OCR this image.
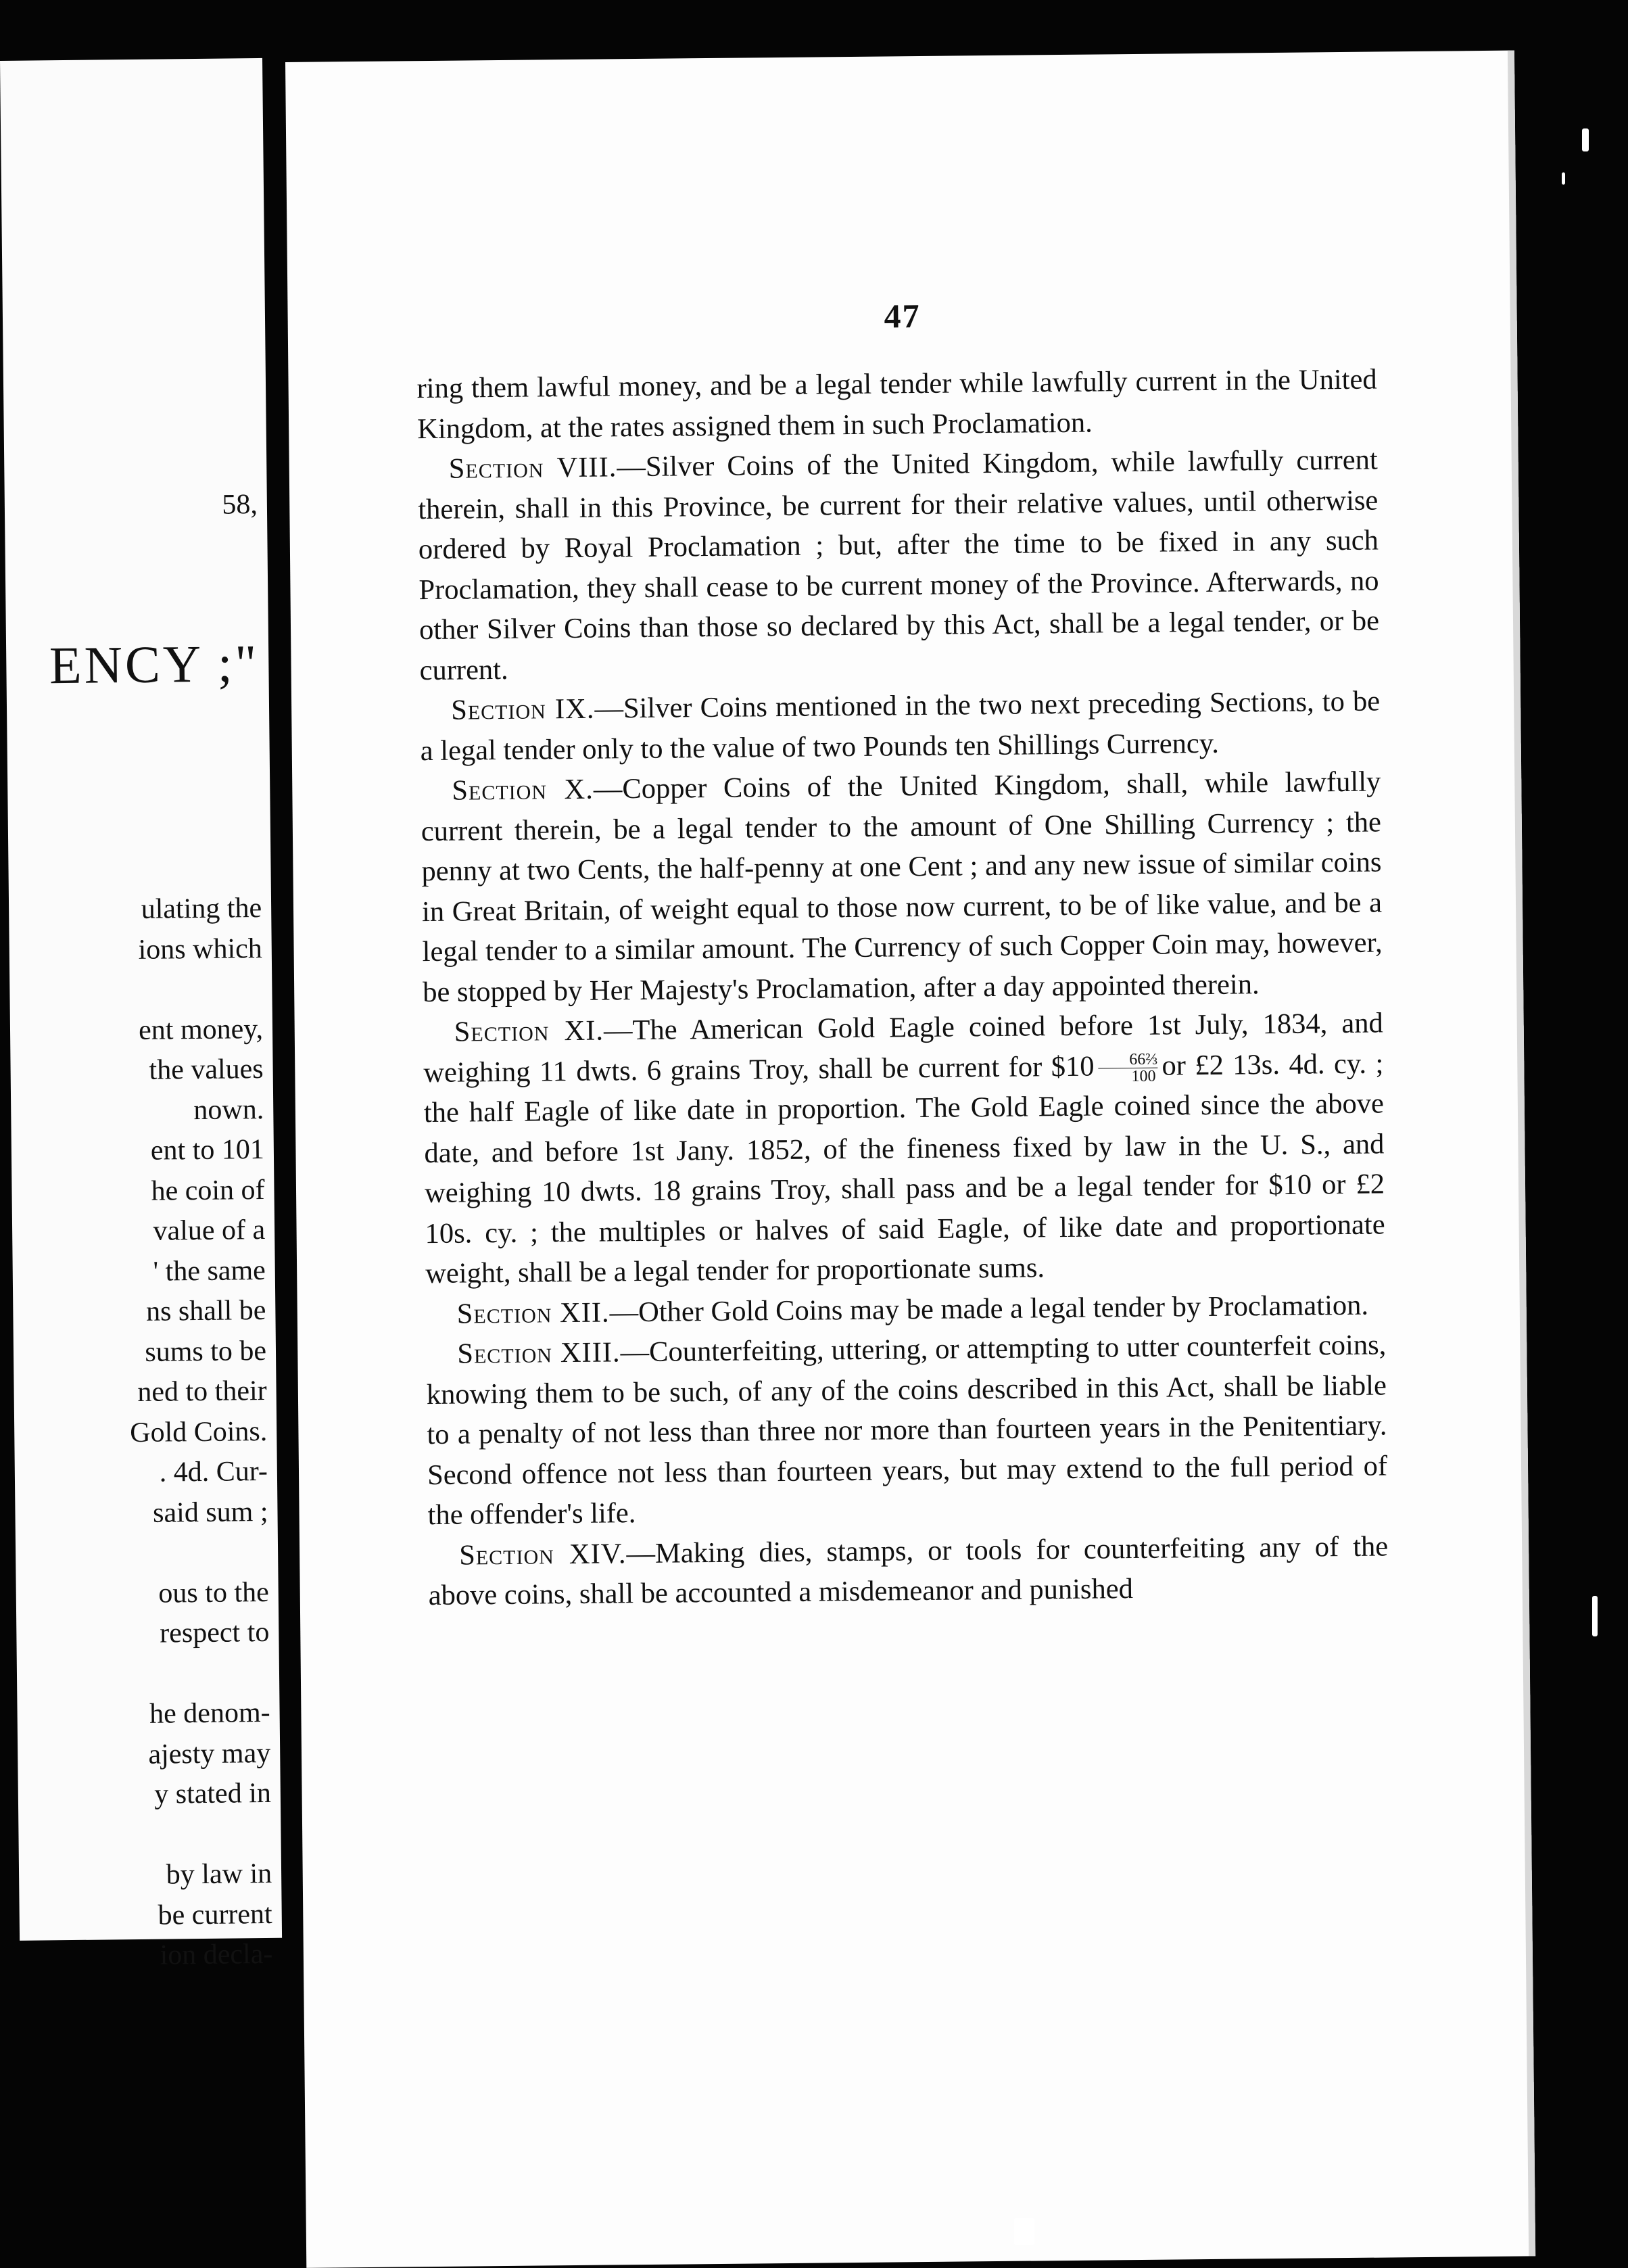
58,
ENCY ;"
ulating the
ions which

ent money,
the values
nown.
ent to 101
he coin of
value of a
' the same
ns shall be
sums to be
ned to their
Gold Coins.
. 4d. Cur-
said sum ;

ous to the
respect to

he denom-
ajesty may
y stated in

by law in
be current
ion decla-
47

ring them lawful money, and be a legal tender while lawfully current in the United Kingdom, at the rates assigned them in such Proclamation.

Section VIII.—Silver Coins of the United Kingdom, while lawfully current therein, shall in this Province, be current for their relative values, until otherwise ordered by Royal Proclamation ; but, after the time to be fixed in any such Proclamation, they shall cease to be current money of the Province. Afterwards, no other Silver Coins than those so declared by this Act, shall be a legal tender, or be current.

Section IX.—Silver Coins mentioned in the two next preceding Sections, to be a legal tender only to the value of two Pounds ten Shillings Currency.

Section X.—Copper Coins of the United Kingdom, shall, while lawfully current therein, be a legal tender to the amount of One Shilling Currency ; the penny at two Cents, the half-penny at one Cent ; and any new issue of similar coins in Great Britain, of weight equal to those now current, to be of like value, and be a legal tender to a similar amount. The Currency of such Copper Coin may, however, be stopped by Her Majesty's Proclamation, after a day appointed therein.

Section XI.—The American Gold Eagle coined before 1st July, 1834, and weighing 11 dwts. 6 grains Troy, shall be current for $10 $\frac{\text{66⅔}}{100}$ or £2 13s. 4d. cy. ; the half Eagle of like date in proportion. The Gold Eagle coined since the above date, and before 1st Jany. 1852, of the fineness fixed by law in the U. S., and weighing 10 dwts. 18 grains Troy, shall pass and be a legal tender for $10 or £2 10s. cy. ; the multiples or halves of said Eagle, of like date and proportionate weight, shall be a legal tender for proportionate sums.

Section XII.—Other Gold Coins may be made a legal tender by Proclamation.

Section XIII.—Counterfeiting, uttering, or attempting to utter counterfeit coins, knowing them to be such, of any of the coins described in this Act, shall be liable to a penalty of not less than three nor more than fourteen years in the Penitentiary. Second offence not less than fourteen years, but may extend to the full period of the offender's life.

Section XIV.—Making dies, stamps, or tools for counterfeiting any of the above coins, shall be accounted a misdemeanor and punished
